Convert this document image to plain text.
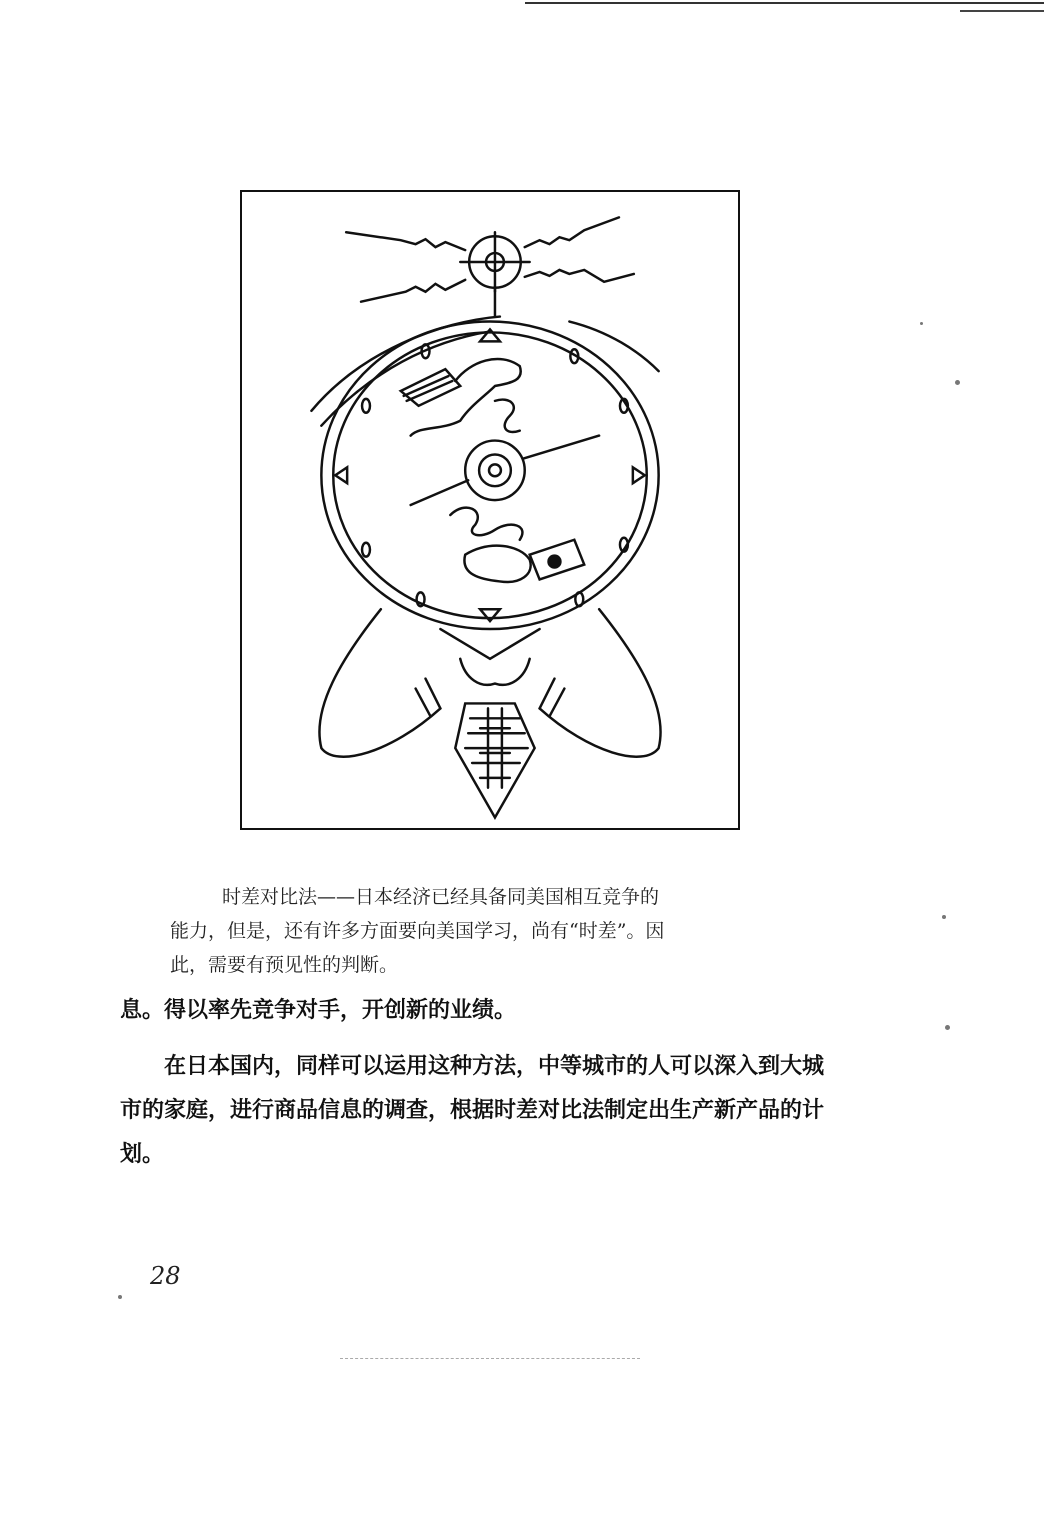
时差对比法——日本经济已经具备同美国相互竞争的
能力，但是，还有许多方面要向美国学习，尚有“时差”。因
此，需要有预见性的判断。

息。得以率先竞争对手，开创新的业绩。

在日本国内，同样可以运用这种方法，中等城市的人可以深入到大城市的家庭，进行商品信息的调查，根据时差对比法制定出生产新产品的计划。

28
